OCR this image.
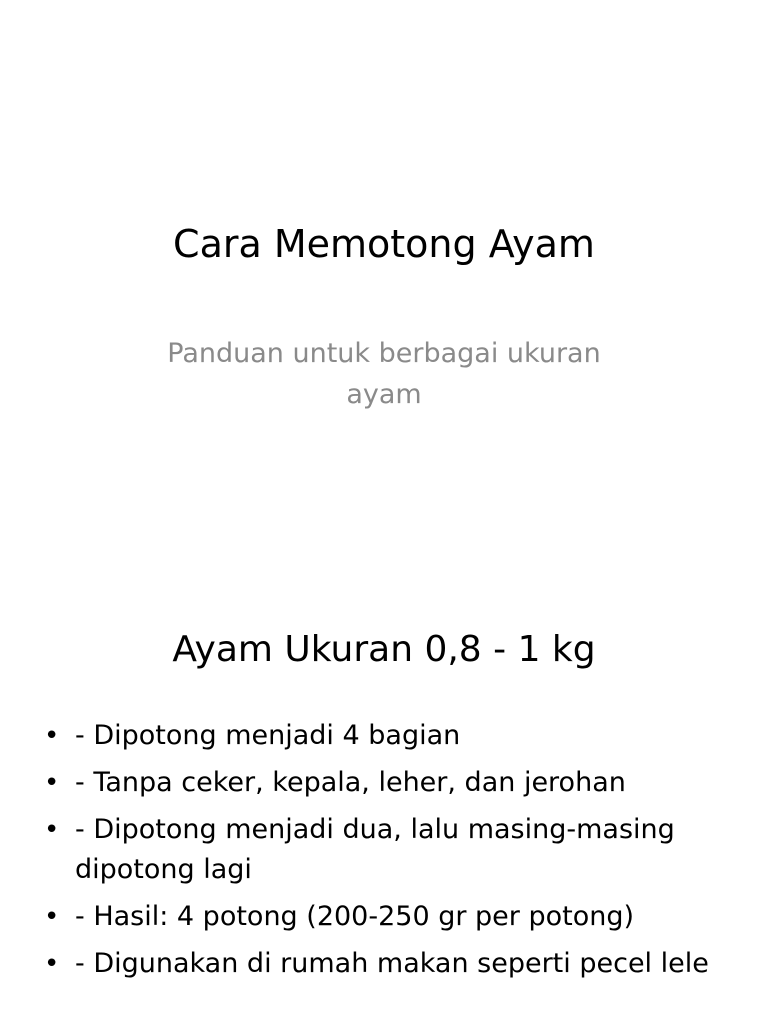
Cara Memotong Ayam
Panduan untuk berbagai ukuran ayam
Ayam Ukuran 0,8 - 1 kg
• - Dipotong menjadi 4 bagian
• - Tanpa ceker, kepala, leher, dan jerohan
• - Dipotong menjadi dua, lalu masing-masing dipotong lagi
• - Hasil: 4 potong (200-250 gr per potong)
• - Digunakan di rumah makan seperti pecel lele
